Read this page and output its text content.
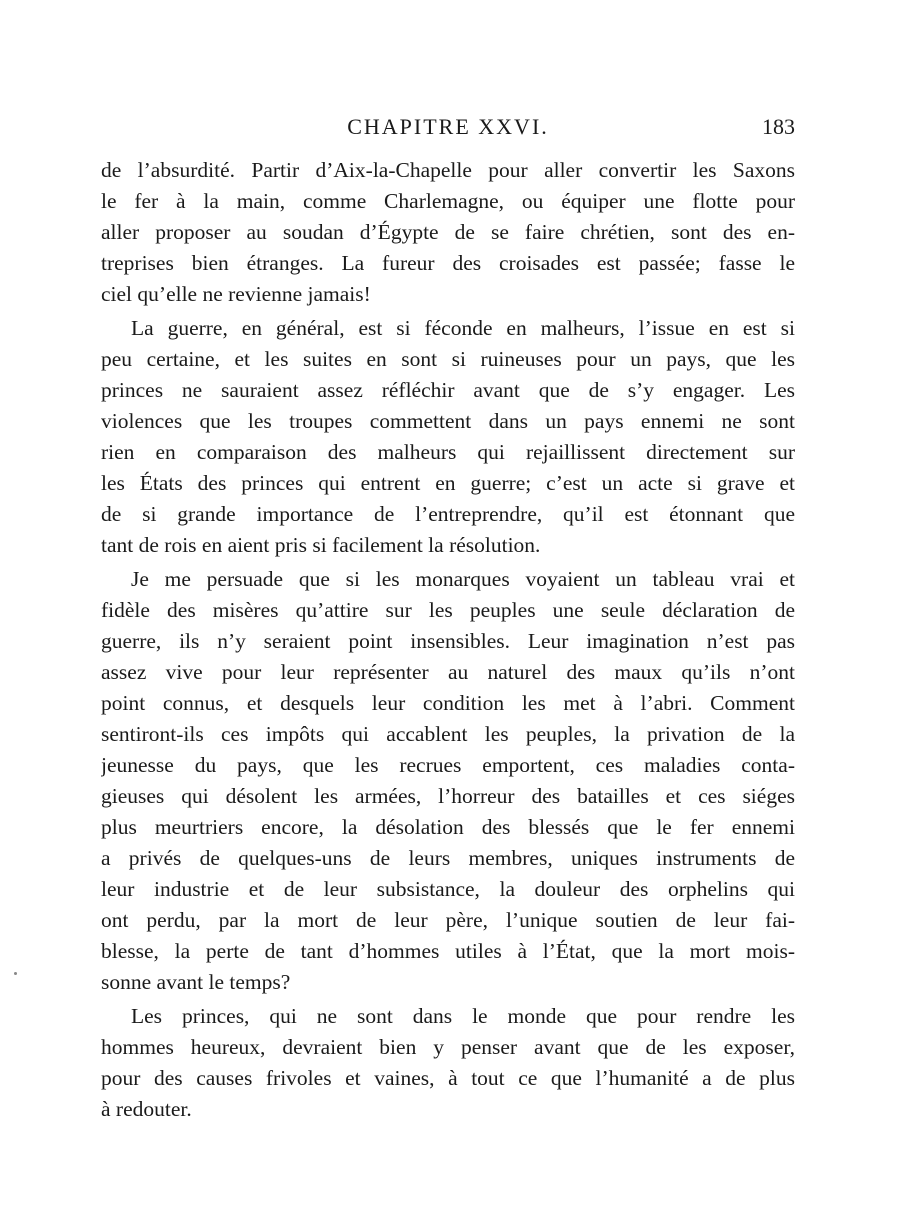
CHAPITRE XXVI.	183
de l’absurdité. Partir d’Aix-la-Chapelle pour aller convertir les Saxons
le fer à la main, comme Charlemagne, ou équiper une flotte pour
aller proposer au soudan d’Égypte de se faire chrétien, sont des en-
treprises bien étranges. La fureur des croisades est passée; fasse le
ciel qu’elle ne revienne jamais!
La guerre, en général, est si féconde en malheurs, l’issue en est si
peu certaine, et les suites en sont si ruineuses pour un pays, que les
princes ne sauraient assez réfléchir avant que de s’y engager. Les
violences que les troupes commettent dans un pays ennemi ne sont
rien en comparaison des malheurs qui rejaillissent directement sur
les États des princes qui entrent en guerre; c’est un acte si grave et
de si grande importance de l’entreprendre, qu’il est étonnant que
tant de rois en aient pris si facilement la résolution.
Je me persuade que si les monarques voyaient un tableau vrai et
fidèle des misères qu’attire sur les peuples une seule déclaration de
guerre, ils n’y seraient point insensibles. Leur imagination n’est pas
assez vive pour leur représenter au naturel des maux qu’ils n’ont
point connus, et desquels leur condition les met à l’abri. Comment
sentiront-ils ces impôts qui accablent les peuples, la privation de la
jeunesse du pays, que les recrues emportent, ces maladies conta-
gieuses qui désolent les armées, l’horreur des batailles et ces siéges
plus meurtriers encore, la désolation des blessés que le fer ennemi
a privés de quelques-uns de leurs membres, uniques instruments de
leur industrie et de leur subsistance, la douleur des orphelins qui
ont perdu, par la mort de leur père, l’unique soutien de leur fai-
blesse, la perte de tant d’hommes utiles à l’État, que la mort mois-
sonne avant le temps?
Les princes, qui ne sont dans le monde que pour rendre les
hommes heureux, devraient bien y penser avant que de les exposer,
pour des causes frivoles et vaines, à tout ce que l’humanité a de plus
à redouter.
